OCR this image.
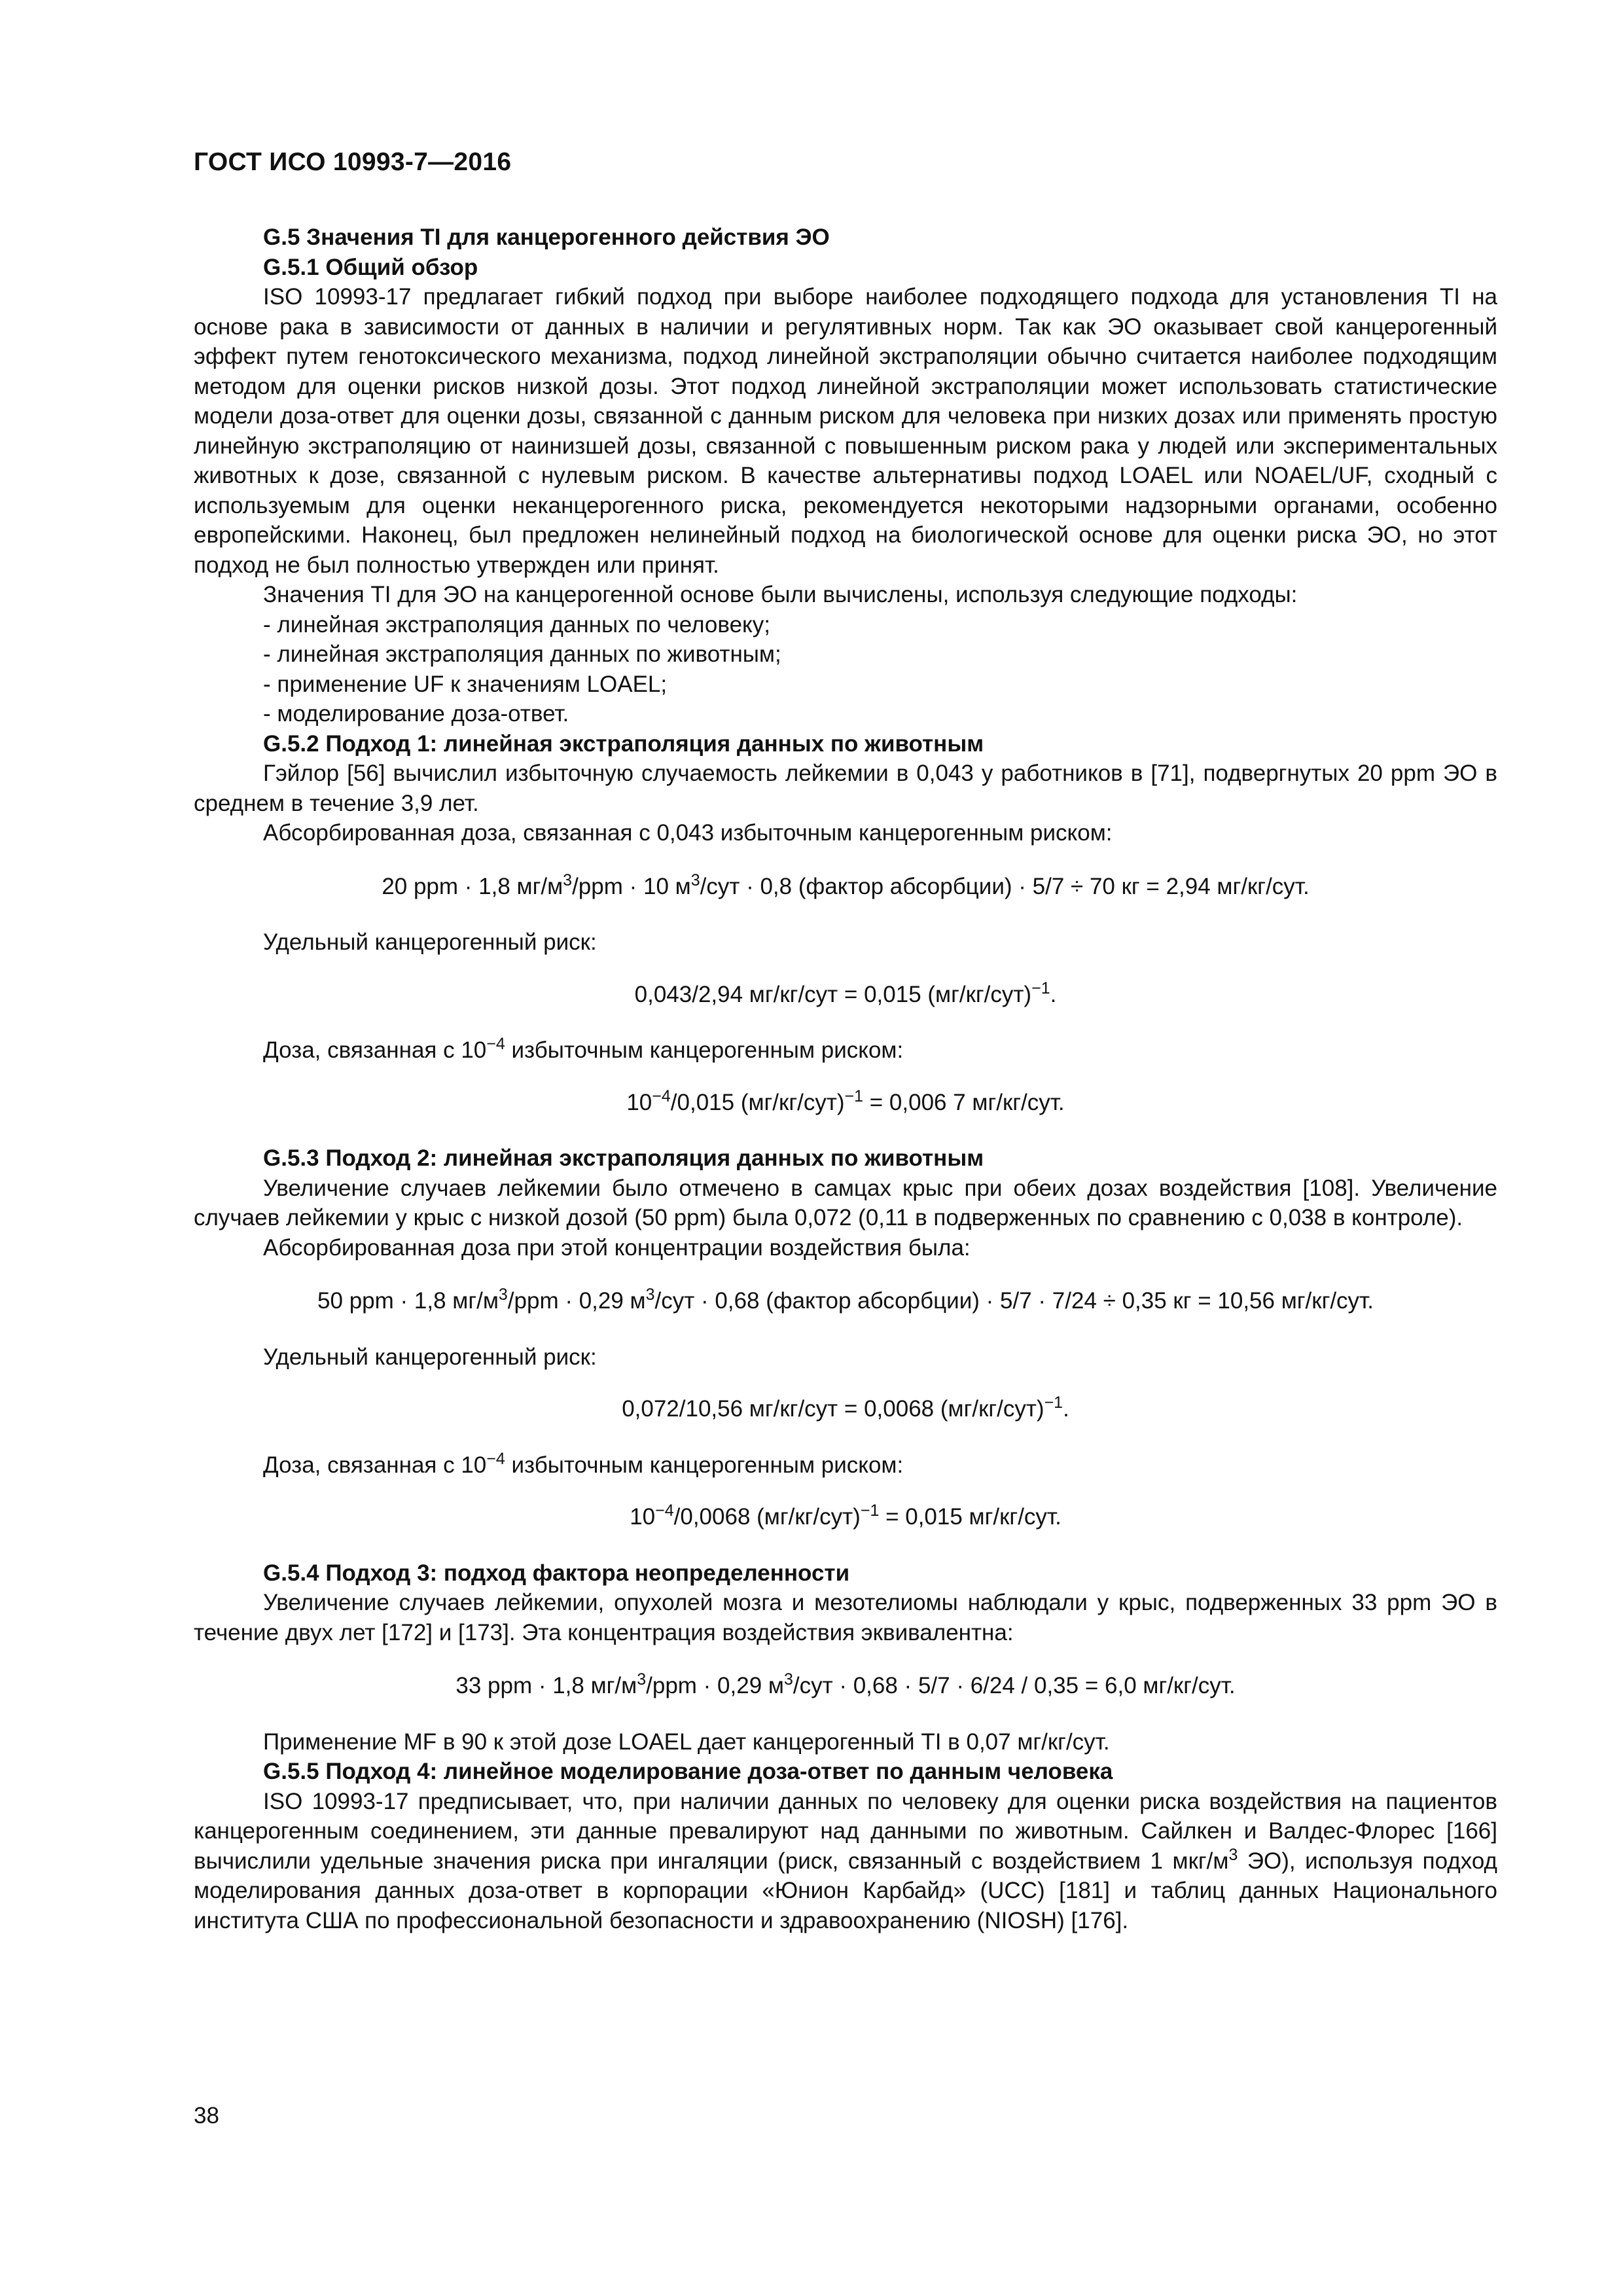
ГОСТ ИСО 10993-7—2016

G.5 Значения TI для канцерогенного действия ЭО

G.5.1 Общий обзор

ISO 10993-17 предлагает гибкий подход при выборе наиболее подходящего подхода для установления TI на основе рака в зависимости от данных в наличии и регулятивных норм. Так как ЭО оказывает свой канцерогенный эффект путем генотоксического механизма, подход линейной экстраполяции обычно считается наиболее подходящим методом для оценки рисков низкой дозы. Этот подход линейной экстраполяции может использовать статистические модели доза-ответ для оценки дозы, связанной с данным риском для человека при низких дозах или применять простую линейную экстраполяцию от наинизшей дозы, связанной с повышенным риском рака у людей или экспериментальных животных к дозе, связанной с нулевым риском. В качестве альтернативы подход LOAEL или NOAEL/UF, сходный с используемым для оценки неканцерогенного риска, рекомендуется некоторыми надзорными органами, особенно европейскими. Наконец, был предложен нелинейный подход на биологической основе для оценки риска ЭО, но этот подход не был полностью утвержден или принят.

Значения TI для ЭО на канцерогенной основе были вычислены, используя следующие подходы:

- линейная экстраполяция данных по человеку;

- линейная экстраполяция данных по животным;

- применение UF к значениям LOAEL;

- моделирование доза-ответ.

G.5.2 Подход 1: линейная экстраполяция данных по животным

Гэйлор [56] вычислил избыточную случаемость лейкемии в 0,043 у работников в [71], подвергнутых 20 ppm ЭО в среднем в течение 3,9 лет.

Абсорбированная доза, связанная с 0,043 избыточным канцерогенным риском:

20 ppm · 1,8 $мг/м^3$/ppm · 10 $м^3$/сут · 0,8 (фактор абсорбции) · 5/7 ÷ 70 кг = 2,94 мг/кг/сут.

Удельный канцерогенный риск:

0,043/2,94 мг/кг/сут = 0,015 $(мг/кг/сут)^{-1}$.

Доза, связанная с $10^{-4}$ избыточным канцерогенным риском:

$10^{-4}/0,015$ $(мг/кг/сут)^{-1} = 0,006$ 7 мг/кг/сут.

G.5.3 Подход 2: линейная экстраполяция данных по животным

Увеличение случаев лейкемии было отмечено в самцах крыс при обеих дозах воздействия [108]. Увеличение случаев лейкемии у крыс с низкой дозой (50 ppm) была 0,072 (0,11 в подверженных по сравнению с 0,038 в контроле).

Абсорбированная доза при этой концентрации воздействия была:

50 ppm · 1,8 $мг/м^3$/ppm · 0,29 $м^3$/сут · 0,68 (фактор абсорбции) · 5/7 · 7/24 ÷ 0,35 кг = 10,56 мг/кг/сут.

Удельный канцерогенный риск:

0,072/10,56 мг/кг/сут = 0,0068 $(мг/кг/сут)^{-1}$.

Доза, связанная с $10^{-4}$ избыточным канцерогенным риском:

$10^{-4}/0,0068$ $(мг/кг/сут)^{-1} = 0,015$ мг/кг/сут.

G.5.4 Подход 3: подход фактора неопределенности

Увеличение случаев лейкемии, опухолей мозга и мезотелиомы наблюдали у крыс, подверженных 33 ppm ЭО в течение двух лет [172] и [173]. Эта концентрация воздействия эквивалентна:

33 ppm · 1,8 $мг/м^3$/ppm · 0,29 $м^3$/сут · 0,68 · 5/7 · 6/24 / 0,35 = 6,0 мг/кг/сут.

Применение MF в 90 к этой дозе LOAEL дает канцерогенный TI в 0,07 мг/кг/сут.

G.5.5 Подход 4: линейное моделирование доза-ответ по данным человека

ISO 10993-17 предписывает, что, при наличии данных по человеку для оценки риска воздействия на пациентов канцерогенным соединением, эти данные превалируют над данными по животным. Сайлкен и Валдес-Флорес [166] вычислили удельные значения риска при ингаляции (риск, связанный с воздействием 1 мкг/$м^3$ ЭО), используя подход моделирования данных доза-ответ в корпорации «Юнион Карбайд» (UCC) [181] и таблиц данных Национального института США по профессиональной безопасности и здравоохранению (NIOSH) [176].

38
